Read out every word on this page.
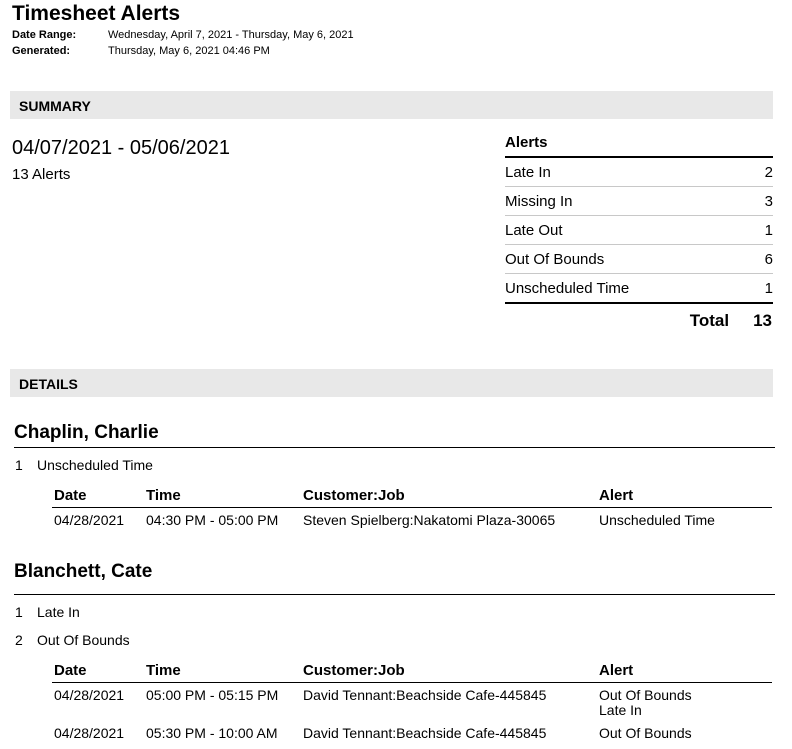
Timesheet Alerts
Date Range:	Wednesday, April 7, 2021 - Thursday, May 6, 2021
Generated:	Thursday, May 6, 2021 04:46 PM
SUMMARY
04/07/2021 - 05/06/2021
13 Alerts
Alerts
Late In	2
Missing In	3
Late Out	1
Out Of Bounds	6
Unscheduled Time	1
Total 13
DETAILS
Chaplin, Charlie
1 Unscheduled Time
Date	Time	Customer:Job	Alert
04/28/2021 04:30 PM - 05:00 PM Steven Spielberg:Nakatomi Plaza-30065	Unscheduled Time
Blanchett, Cate
1 Late In
2 Out Of Bounds
Date	Time	Customer:Job	Alert
04/28/2021 05:00 PM - 05:15 PM David Tennant:Beachside Cafe-445845	Out Of Bounds
Late In
04/28/2021 05:30 PM - 10:00 AM David Tennant:Beachside Cafe-445845	Out Of Bounds
